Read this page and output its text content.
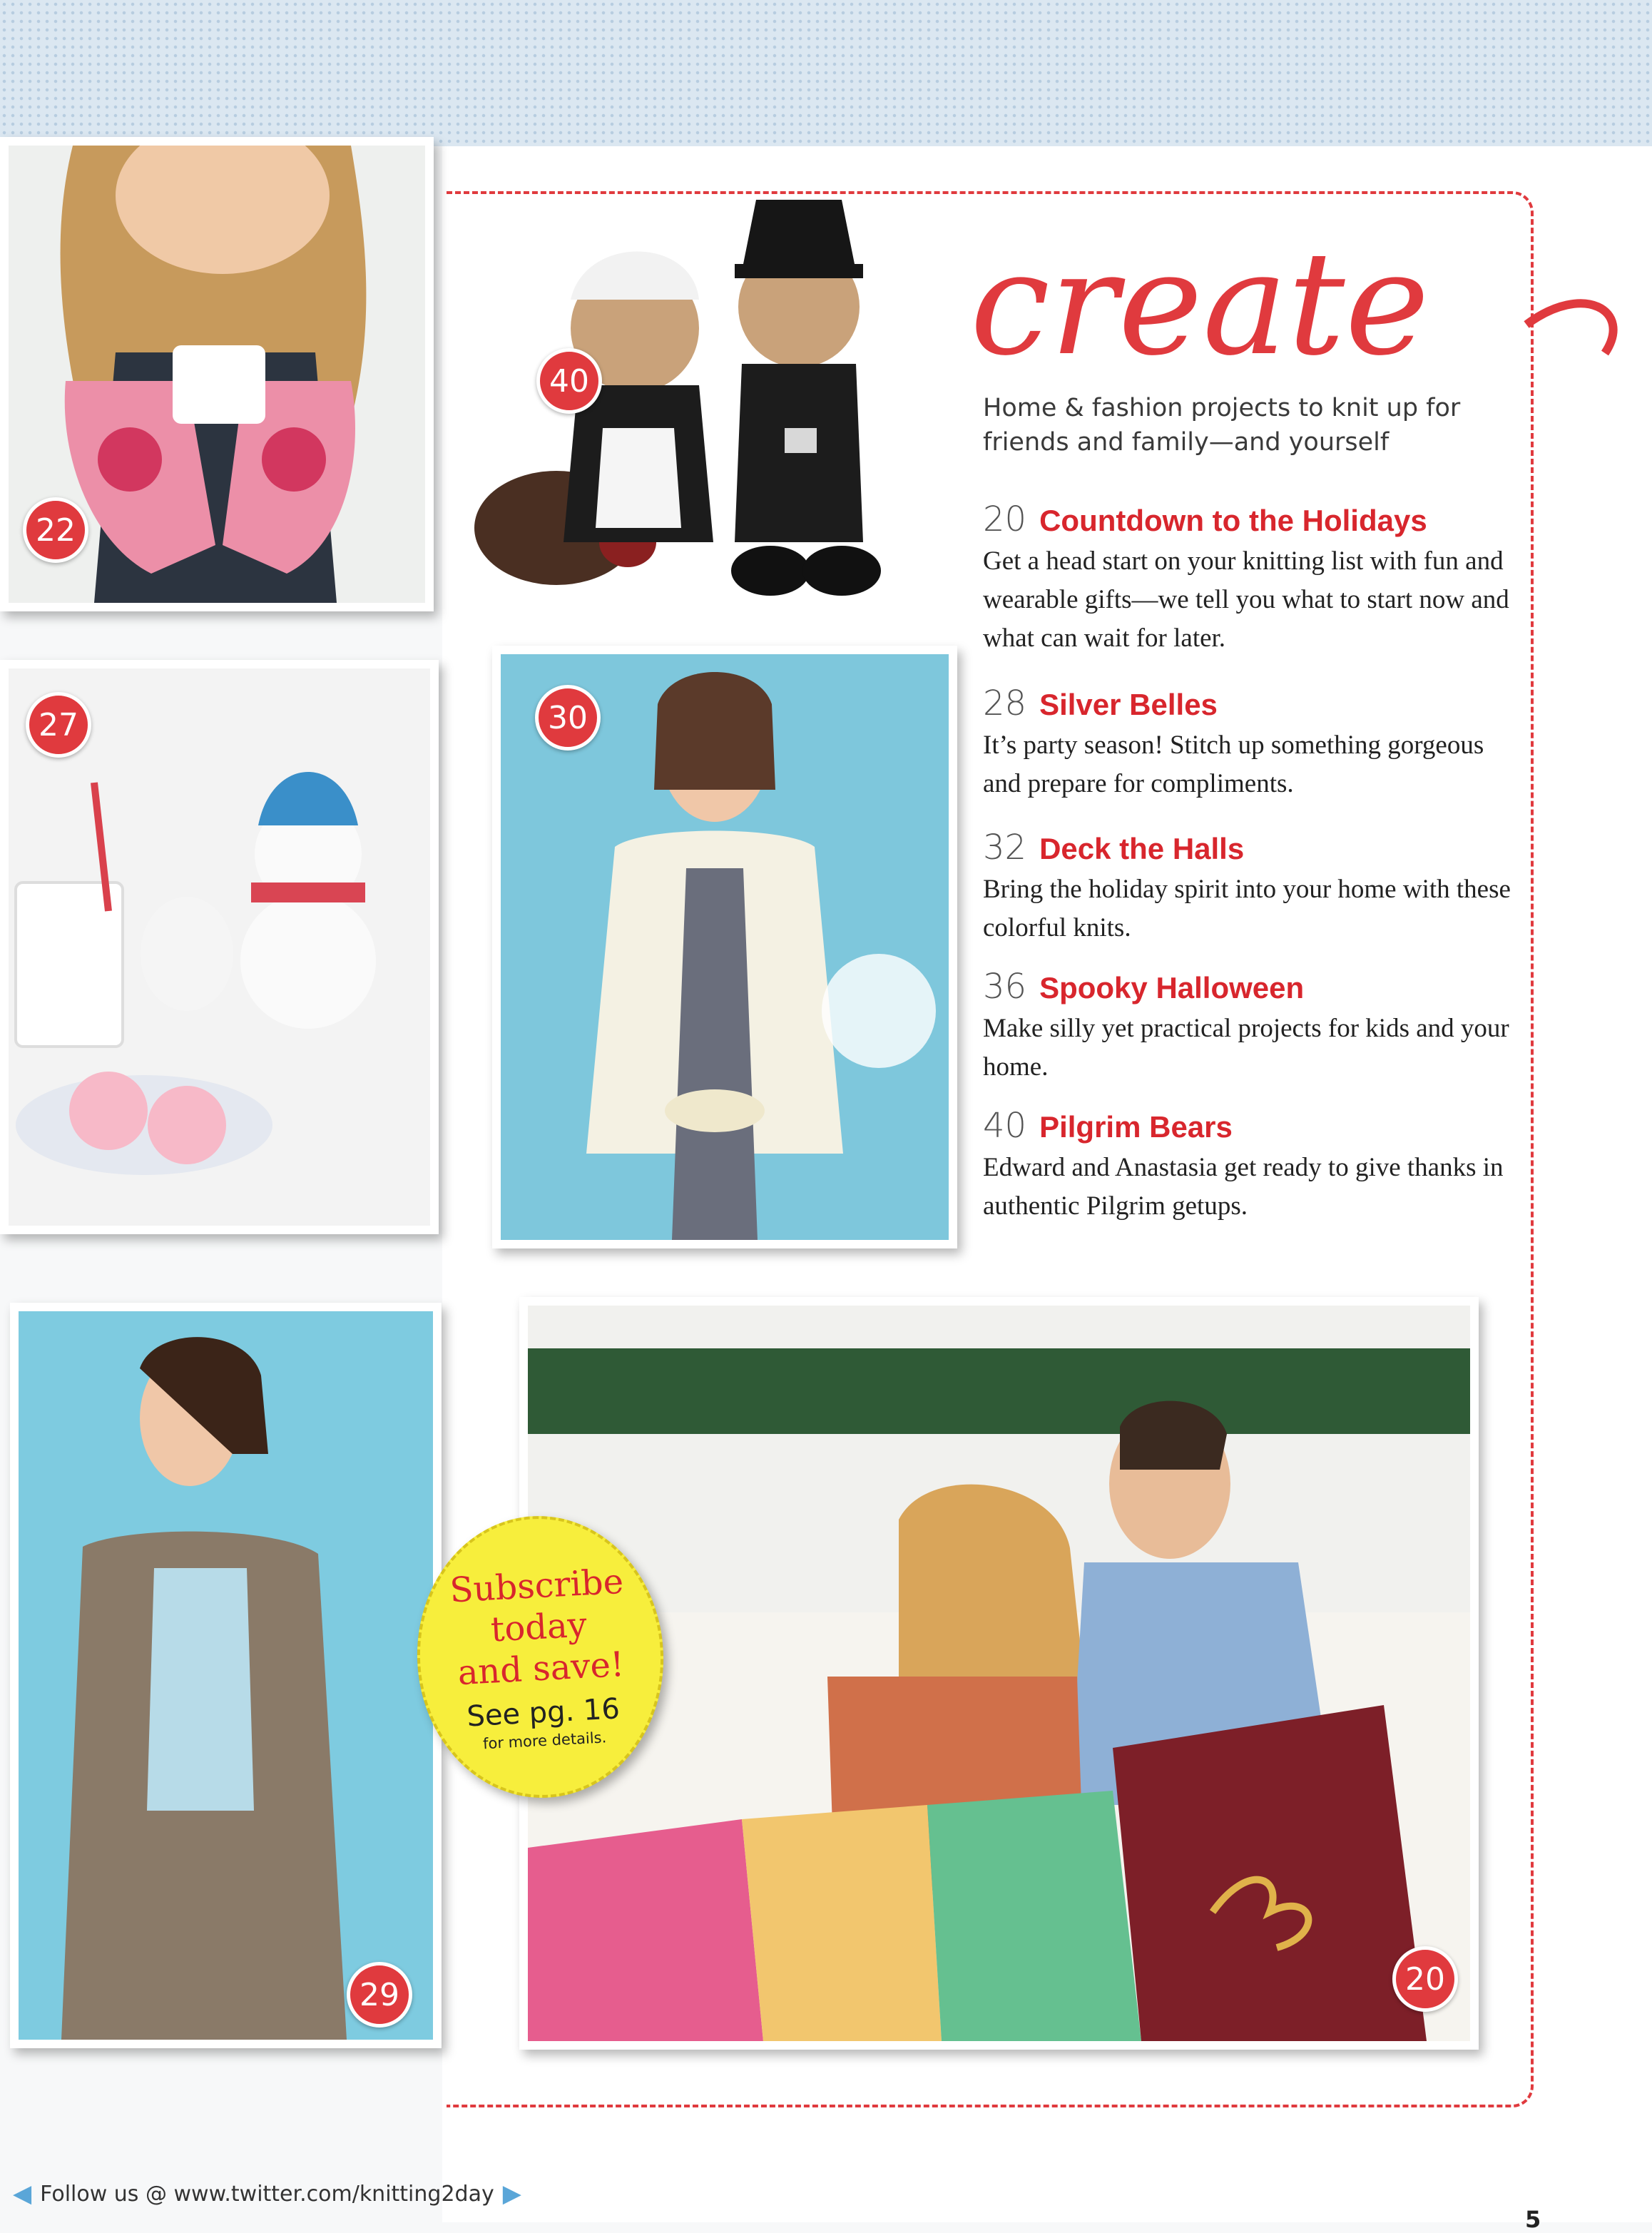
22
40	create
Home & fashion projects to knit up for friends and family—and yourself
20 Countdown to the Holidays
Get a head start on your knitting list with fun and wearable gifts—we tell you what to start now and what can wait for later.
28 Silver Belles
It’s party season! Stitch up something gorgeous and prepare for compliments.
32 Deck the Halls
Bring the holiday spirit into your home with these colorful knits.
36 Spooky Halloween
Make silly yet practical projects for kids and your home.
40 Pilgrim Bears
Edward and Anastasia get ready to give thanks in authentic Pilgrim getups.
27	30
29	20
Subscribe
today
and save!
See pg. 16
for more details.
◀ Follow us @ www.twitter.com/knitting2day ▶
5
